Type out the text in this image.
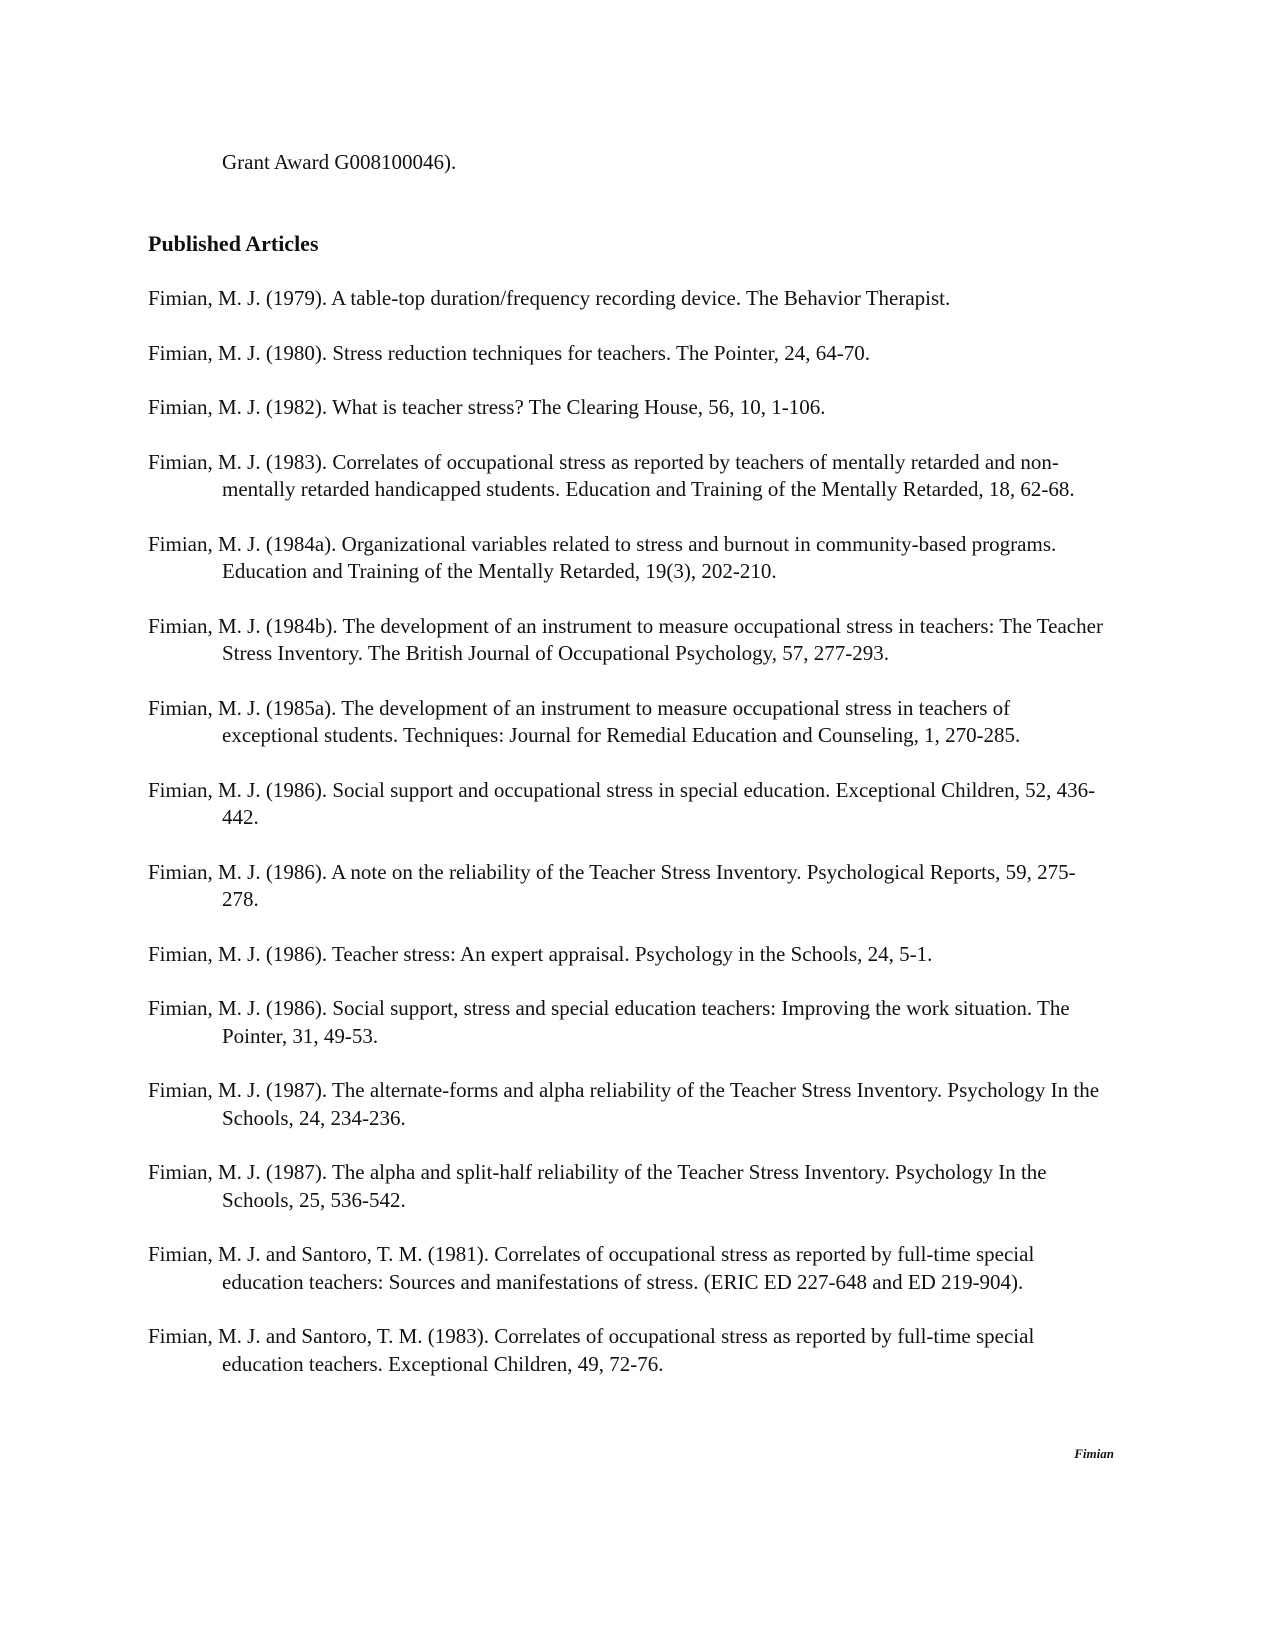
Grant Award G008100046).
Published Articles
Fimian, M. J. (1979). A table-top duration/frequency recording device. The Behavior Therapist.
Fimian, M. J. (1980). Stress reduction techniques for teachers. The Pointer, 24, 64-70.
Fimian, M. J. (1982). What is teacher stress? The Clearing House, 56, 10, 1-106.
Fimian, M. J. (1983). Correlates of occupational stress as reported by teachers of mentally retarded and non-mentally retarded handicapped students. Education and Training of the Mentally Retarded, 18, 62-68.
Fimian, M. J. (1984a). Organizational variables related to stress and burnout in community-based programs. Education and Training of the Mentally Retarded, 19(3), 202-210.
Fimian, M. J. (1984b). The development of an instrument to measure occupational stress in teachers: The Teacher Stress Inventory. The British Journal of Occupational Psychology, 57, 277-293.
Fimian, M. J. (1985a). The development of an instrument to measure occupational stress in teachers of exceptional students. Techniques: Journal for Remedial Education and Counseling, 1, 270-285.
Fimian, M. J. (1986). Social support and occupational stress in special education. Exceptional Children, 52, 436-442.
Fimian, M. J. (1986). A note on the reliability of the Teacher Stress Inventory. Psychological Reports, 59, 275-278.
Fimian, M. J. (1986). Teacher stress: An expert appraisal. Psychology in the Schools, 24, 5-1.
Fimian, M. J. (1986). Social support, stress and special education teachers: Improving the work situation. The Pointer, 31, 49-53.
Fimian, M. J. (1987). The alternate-forms and alpha reliability of the Teacher Stress Inventory. Psychology In the Schools, 24, 234-236.
Fimian, M. J. (1987). The alpha and split-half reliability of the Teacher Stress Inventory. Psychology In the Schools, 25, 536-542.
Fimian, M. J. and Santoro, T. M. (1981). Correlates of occupational stress as reported by full-time special education teachers: Sources and manifestations of stress. (ERIC ED 227-648 and ED 219-904).
Fimian, M. J. and Santoro, T. M. (1983). Correlates of occupational stress as reported by full-time special education teachers. Exceptional Children, 49, 72-76.
Fimian
